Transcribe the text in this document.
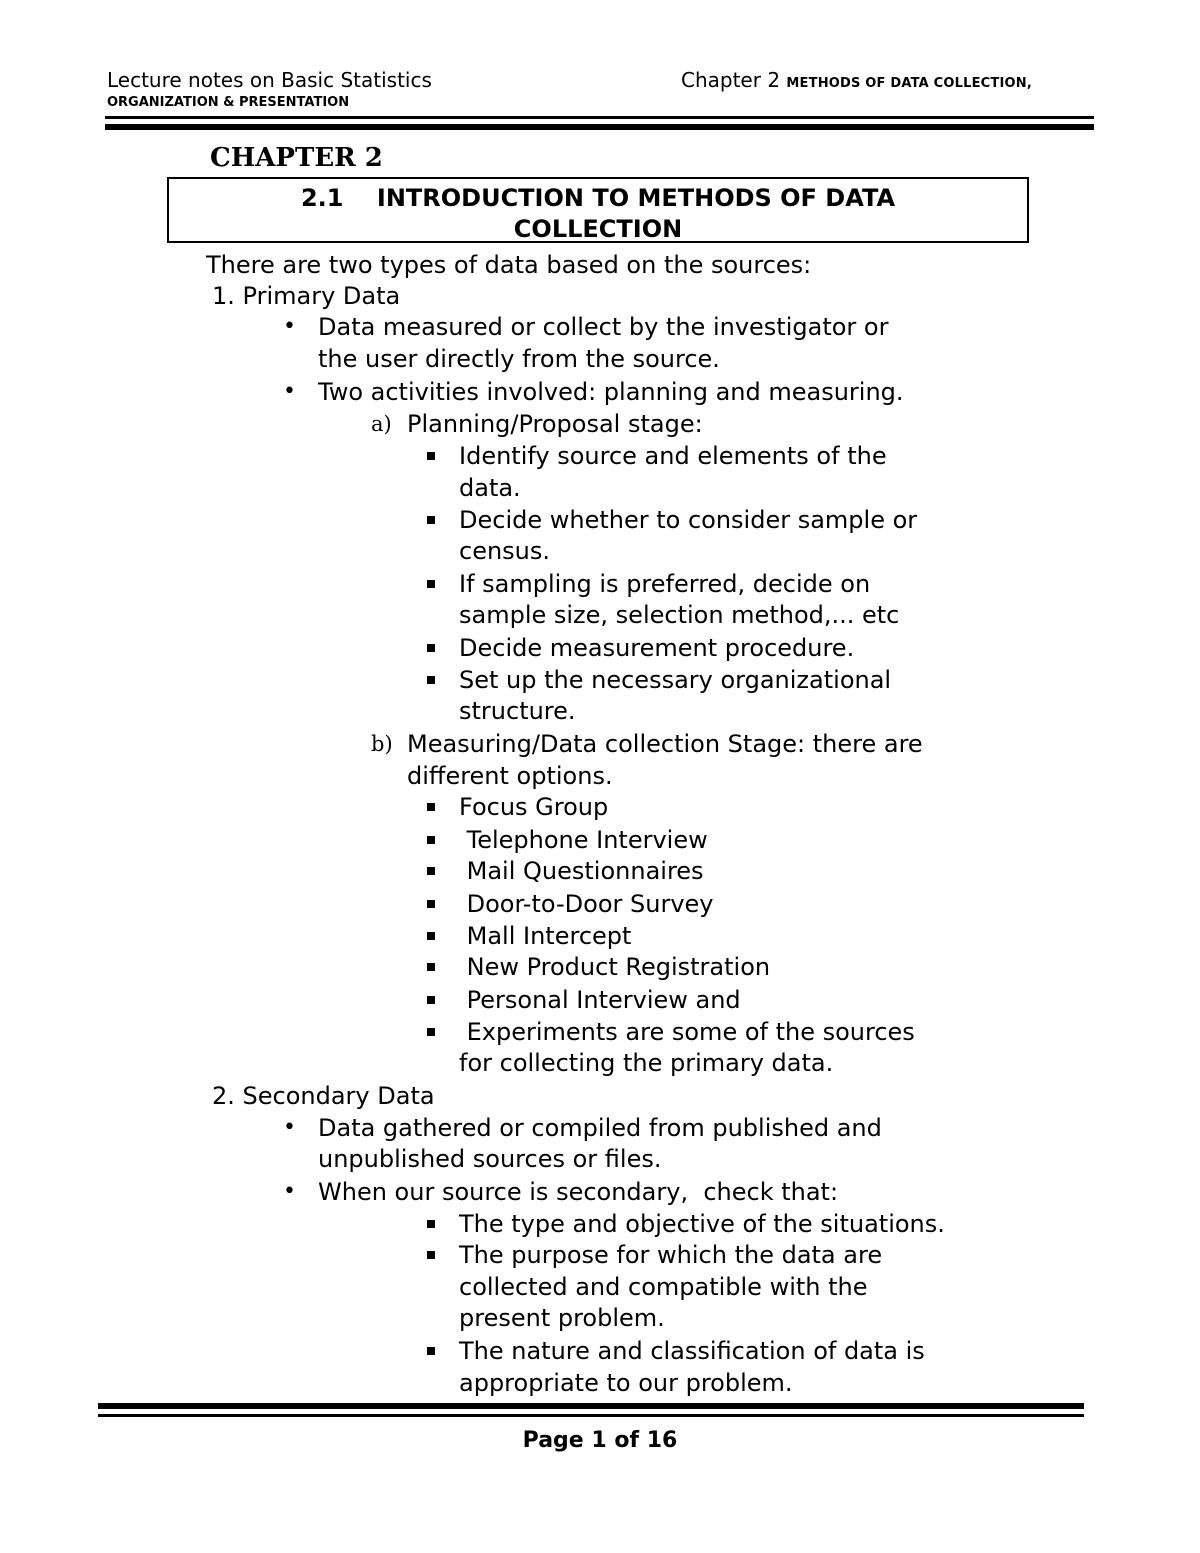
Lecture notes on Basic Statistics	Chapter 2 METHODS OF DATA COLLECTION,
ORGANIZATION & PRESENTATION
CHAPTER 2
2.1    INTRODUCTION TO METHODS OF DATA
COLLECTION
There are two types of data based on the sources:
1. Primary Data
• Data measured or collect by the investigator or
the user directly from the source.
• Two activities involved: planning and measuring.
a) Planning/Proposal stage:
Identify source and elements of the
data.
Decide whether to consider sample or
census.
If sampling is preferred, decide on
sample size, selection method,... etc
Decide measurement procedure.
Set up the necessary organizational
structure.
b) Measuring/Data collection Stage: there are
different options.
Focus Group
Telephone Interview
Mail Questionnaires
Door-to-Door Survey
Mall Intercept
New Product Registration
Personal Interview and
Experiments are some of the sources
for collecting the primary data.
2. Secondary Data
• Data gathered or compiled from published and
unpublished sources or files.
• When our source is secondary,  check that:
The type and objective of the situations.
The purpose for which the data are
collected and compatible with the
present problem.
The nature and classification of data is
appropriate to our problem.
Page 1 of 16
